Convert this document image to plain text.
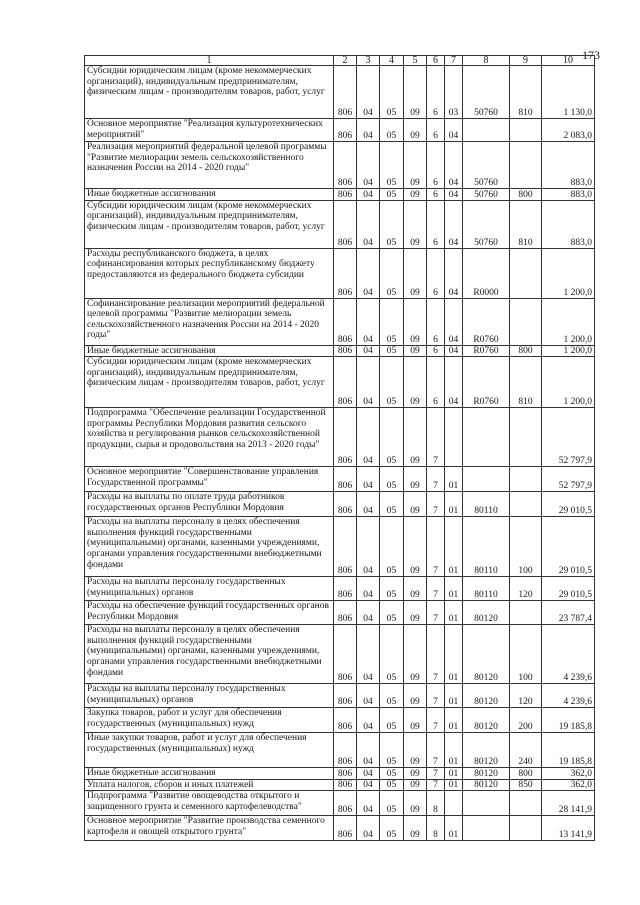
173
1	2	3	4	5	6	7	8	9	10
Субсидии юридическим лицам (кроме некоммерческих организаций), индивидуальным предпринимателям, физическим лицам - производителям товаров, работ, услуг	806	04	05	09	6	03	50760	810	1 130,0
Основное мероприятие "Реализация культуротехнических мероприятий"	806	04	05	09	6	04			2 083,0
Реализация мероприятий федеральной целевой программы "Развитие мелиорации земель сельскохозяйственного назначения России на 2014 - 2020 годы"	806	04	05	09	6	04	50760		883,0
Иные бюджетные ассигнования	806	04	05	09	6	04	50760	800	883,0
Субсидии юридическим лицам (кроме некоммерческих организаций), индивидуальным предпринимателям, физическим лицам - производителям товаров, работ, услуг	806	04	05	09	6	04	50760	810	883,0
Расходы республиканского бюджета, в целях софинансирования которых республиканскому бюджету предоставляются из федерального бюджета субсидии	806	04	05	09	6	04	R0000		1 200,0
Софинансирование реализации мероприятий федеральной целевой программы "Развитие мелиорации земель сельскохозяйственного назначения России на 2014 - 2020 годы"	806	04	05	09	6	04	R0760		1 200,0
Иные бюджетные ассигнования	806	04	05	09	6	04	R0760	800	1 200,0
Субсидии юридическим лицам (кроме некоммерческих организаций), индивидуальным предпринимателям, физическим лицам - производителям товаров, работ, услуг	806	04	05	09	6	04	R0760	810	1 200,0
Подпрограмма "Обеспечение реализации Государственной программы Республики Мордовия развития сельского хозяйства и регулирования рынков сельскохозяйственной продукции, сырья и продовольствия на 2013 - 2020 годы"	806	04	05	09	7				52 797,9
Основное мероприятие "Совершенствование управления Государственной программы"	806	04	05	09	7	01			52 797,9
Расходы на выплаты по оплате труда работников государственных органов Республики Мордовия	806	04	05	09	7	01	80110		29 010,5
Расходы на выплаты персоналу в целях обеспечения выполнения функций государственными (муниципальными) органами, казенными учреждениями, органами управления государственными внебюджетными фондами	806	04	05	09	7	01	80110	100	29 010,5
Расходы на выплаты персоналу государственных (муниципальных) органов	806	04	05	09	7	01	80110	120	29 010,5
Расходы на обеспечение функций государственных органов Республики Мордовия	806	04	05	09	7	01	80120		23 787,4
Расходы на выплаты персоналу в целях обеспечения выполнения функций государственными (муниципальными) органами, казенными учреждениями, органами управления государственными внебюджетными фондами	806	04	05	09	7	01	80120	100	4 239,6
Расходы на выплаты персоналу государственных (муниципальных) органов	806	04	05	09	7	01	80120	120	4 239,6
Закупка товаров, работ и услуг для обеспечения государственных (муниципальных) нужд	806	04	05	09	7	01	80120	200	19 185,8
Иные закупки товаров, работ и услуг для обеспечения государственных (муниципальных) нужд	806	04	05	09	7	01	80120	240	19 185,8
Иные бюджетные ассигнования	806	04	05	09	7	01	80120	800	362,0
Уплата налогов, сборов и иных платежей	806	04	05	09	7	01	80120	850	362,0
Подпрограмма "Развитие овощеводства открытого и защищенного грунта и семенного картофелеводства"	806	04	05	09	8				28 141,9
Основное мероприятие "Развитие производства семенного картофеля и овощей открытого грунта"	806	04	05	09	8	01			13 141,9
